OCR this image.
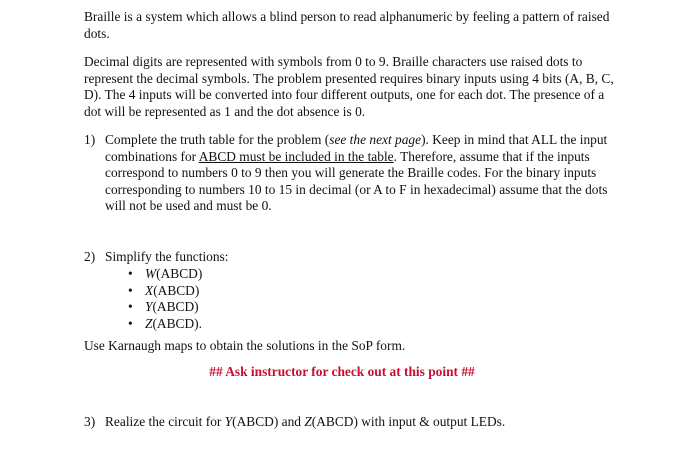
Braille is a system which allows a blind person to read alphanumeric by feeling a pattern of raised dots.

Decimal digits are represented with symbols from 0 to 9. Braille characters use raised dots to represent the decimal symbols. The problem presented requires binary inputs using 4 bits (A, B, C, D). The 4 inputs will be converted into four different outputs, one for each dot. The presence of a dot will be represented as 1 and the dot absence is 0.

1) Complete the truth table for the problem (see the next page). Keep in mind that ALL the input combinations for ABCD must be included in the table. Therefore, assume that if the inputs correspond to numbers 0 to 9 then you will generate the Braille codes. For the binary inputs corresponding to numbers 10 to 15 in decimal (or A to F in hexadecimal) assume that the dots will not be used and must be 0.
2) Simplify the functions:
• W(ABCD)
• X(ABCD)
• Y(ABCD)
• Z(ABCD).

Use Karnaugh maps to obtain the solutions in the SoP form.

## Ask instructor for check out at this point ##

3) Realize the circuit for Y(ABCD) and Z(ABCD) with input & output LEDs.
